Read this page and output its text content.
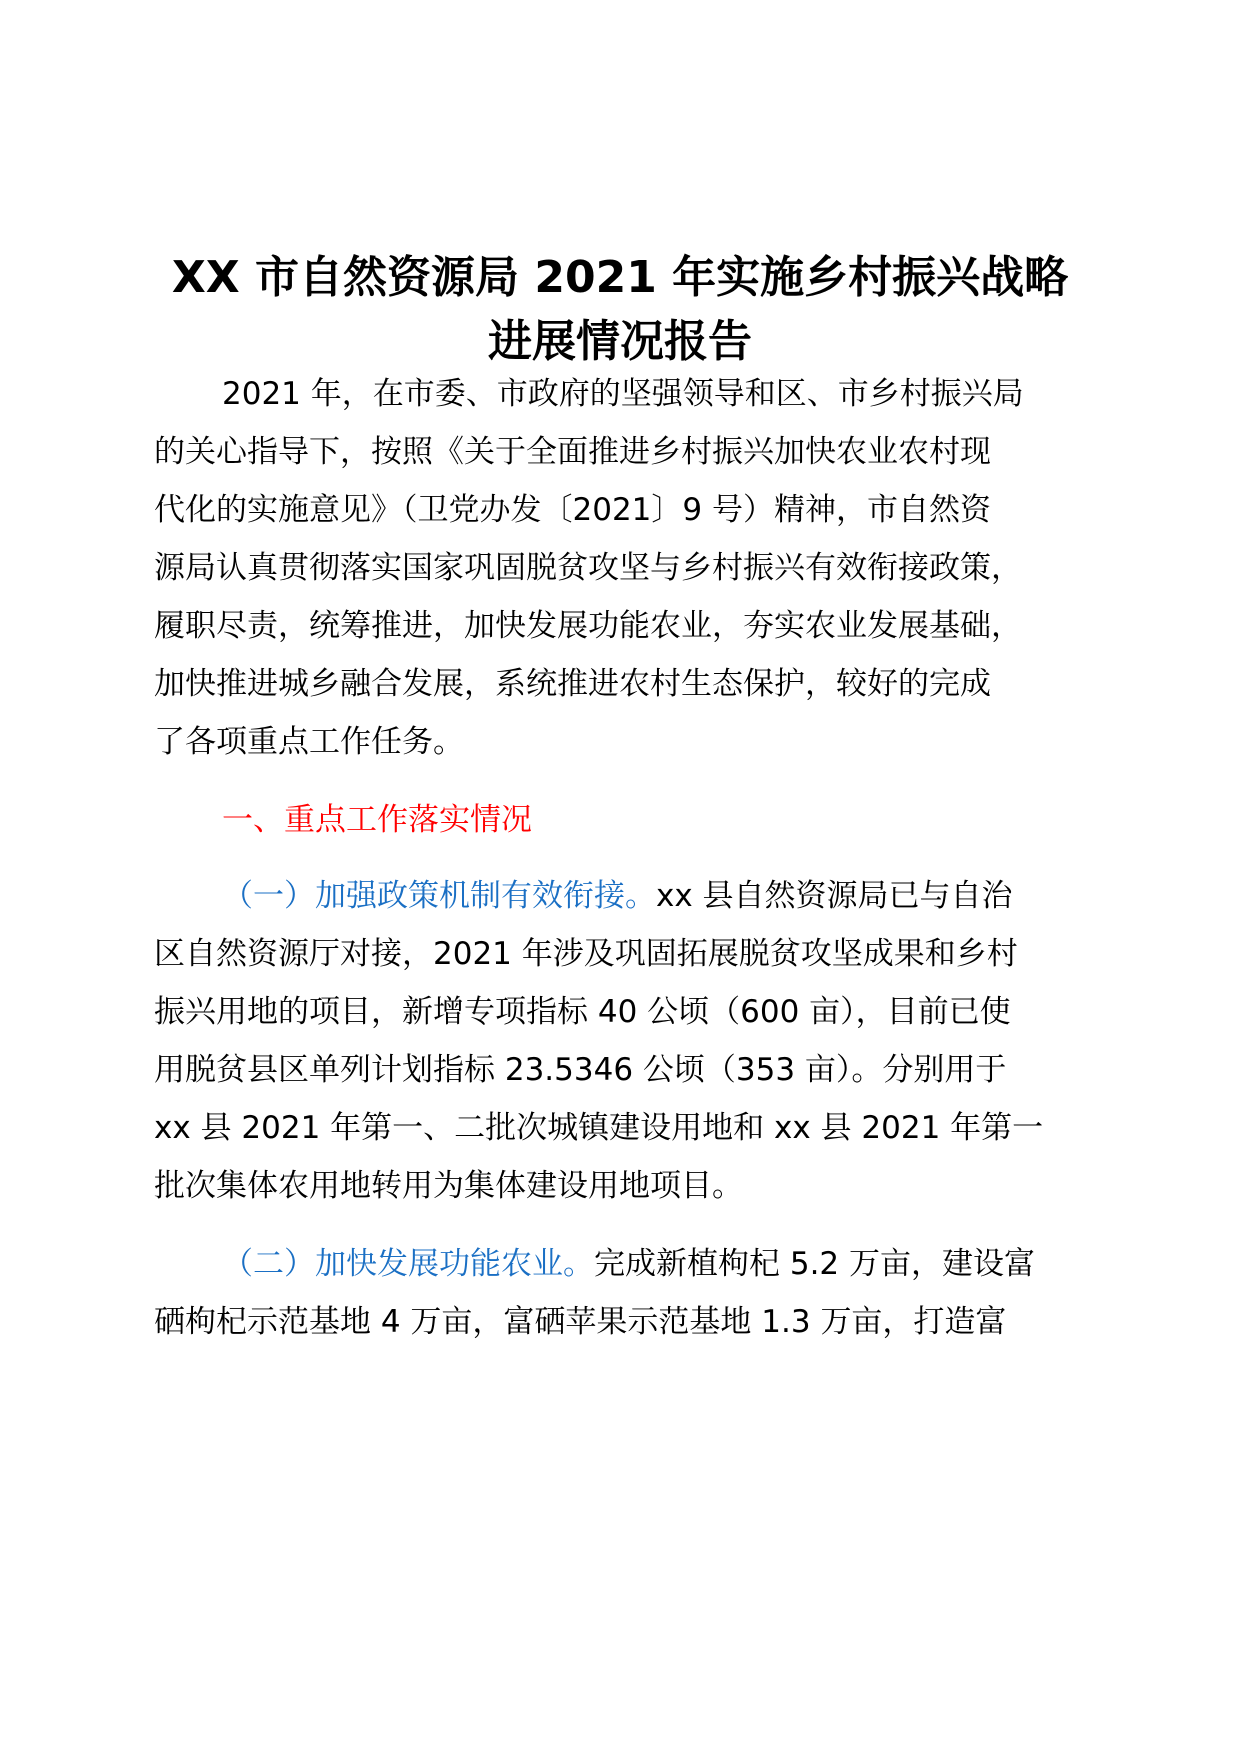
XX 市自然资源局 2021 年实施乡村振兴战略
进展情况报告

2021 年，在市委、市政府的坚强领导和区、市乡村振兴局

的关心指导下，按照《关于全面推进乡村振兴加快农业农村现

代化的实施意见》（卫党办发〔2021〕9 号）精神，市自然资

源局认真贯彻落实国家巩固脱贫攻坚与乡村振兴有效衔接政策，

履职尽责，统筹推进，加快发展功能农业，夯实农业发展基础，

加快推进城乡融合发展，系统推进农村生态保护，较好的完成

了各项重点工作任务。

一、重点工作落实情况

（一）加强政策机制有效衔接。xx 县自然资源局已与自治

区自然资源厅对接，2021 年涉及巩固拓展脱贫攻坚成果和乡村

振兴用地的项目，新增专项指标 40 公顷（600 亩），目前已使

用脱贫县区单列计划指标 23.5346 公顷（353 亩）。分别用于

xx 县 2021 年第一、二批次城镇建设用地和 xx 县 2021 年第一

批次集体农用地转用为集体建设用地项目。

（二）加快发展功能农业。完成新植枸杞 5.2 万亩，建设富

硒枸杞示范基地 4 万亩，富硒苹果示范基地 1.3 万亩，打造富
